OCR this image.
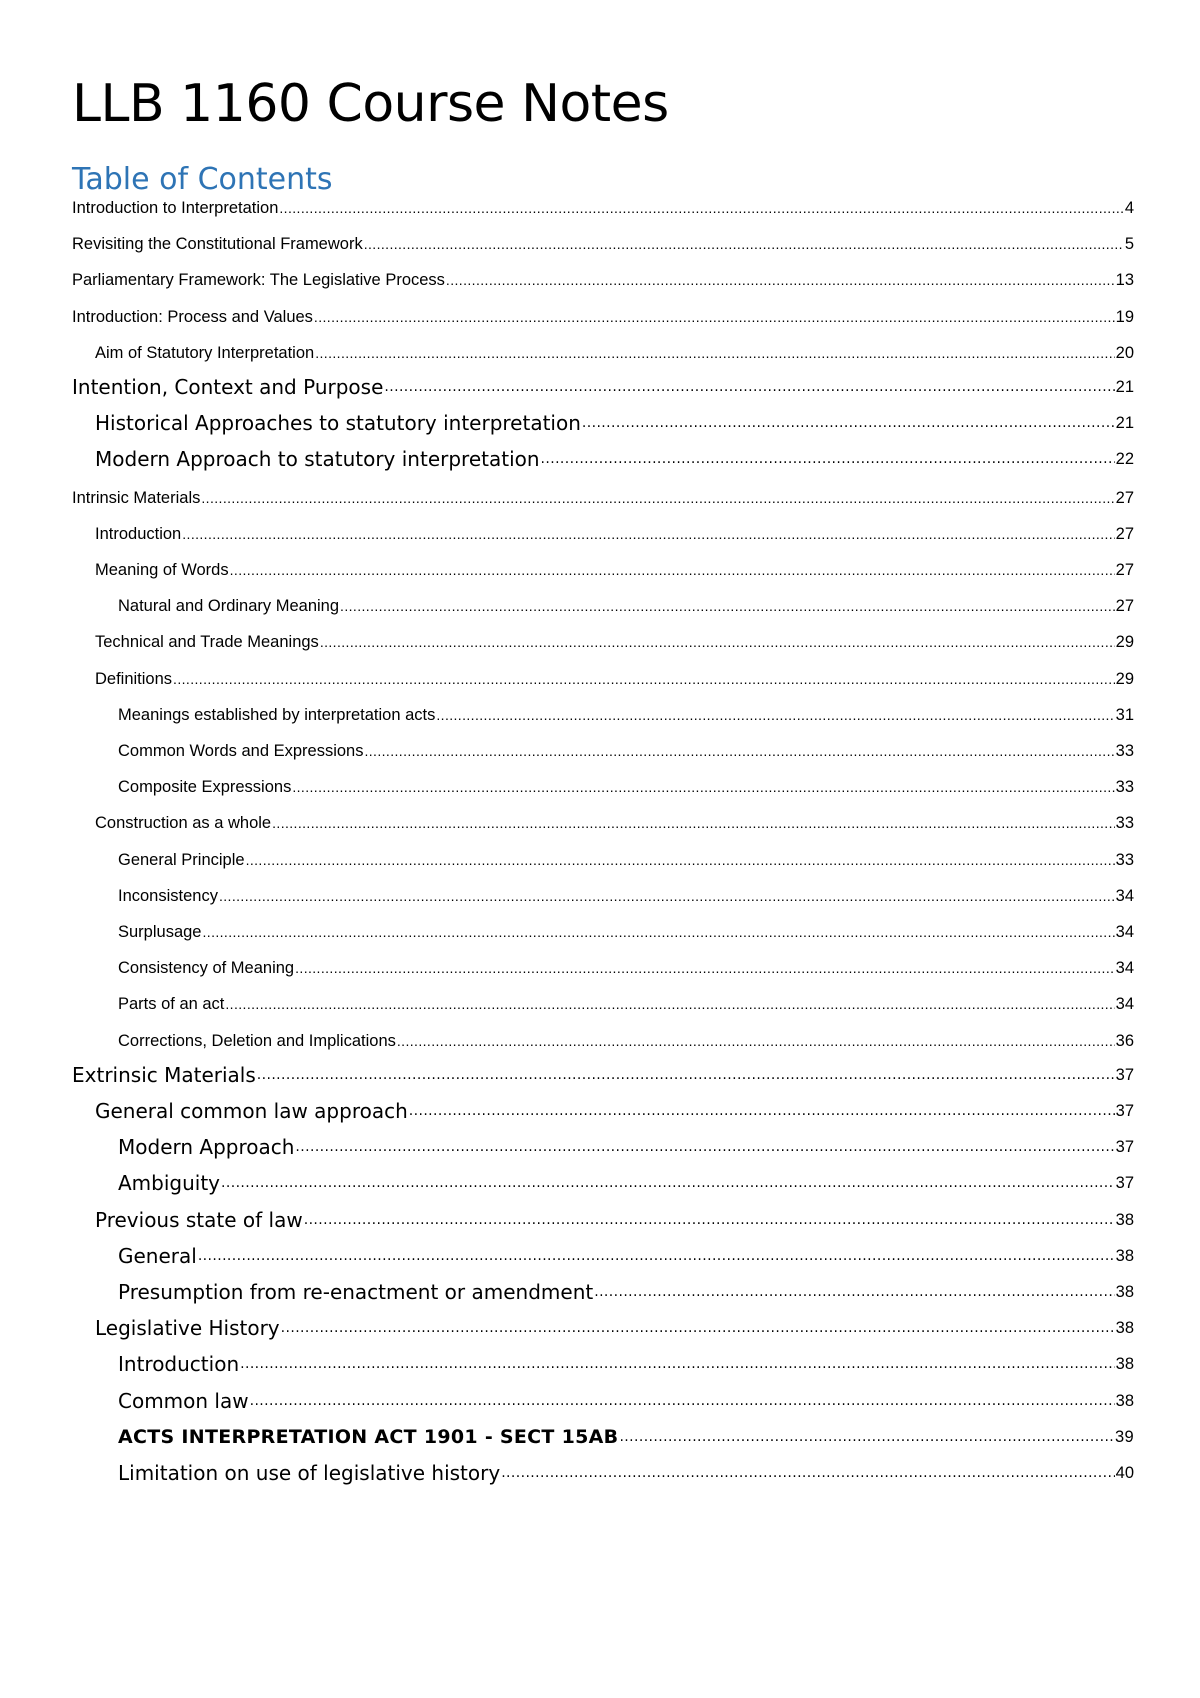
LLB 1160 Course Notes
Table of Contents
Introduction to Interpretation .....	4
Revisiting the Constitutional Framework .....	5
Parliamentary Framework: The Legislative Process .....	13
Introduction: Process and Values .....	19
Aim of Statutory Interpretation .....	20
Intention, Context and Purpose .....	21
Historical Approaches to statutory interpretation .....	21
Modern Approach to statutory interpretation .....	22
Intrinsic Materials .....	27
Introduction .....	27
Meaning of Words .....	27
Natural and Ordinary Meaning .....	27
Technical and Trade Meanings .....	29
Definitions .....	29
Meanings established by interpretation acts .....	31
Common Words and Expressions .....	33
Composite Expressions .....	33
Construction as a whole .....	33
General Principle .....	33
Inconsistency .....	34
Surplusage .....	34
Consistency of Meaning .....	34
Parts of an act .....	34
Corrections, Deletion and Implications .....	36
Extrinsic Materials .....	37
General common law approach .....	37
Modern Approach .....	37
Ambiguity .....	37
Previous state of law .....	38
General .....	38
Presumption from re-enactment or amendment .....	38
Legislative History .....	38
Introduction .....	38
Common law .....	38
ACTS INTERPRETATION ACT 1901 - SECT 15AB .....	39
Limitation on use of legislative history .....	40
